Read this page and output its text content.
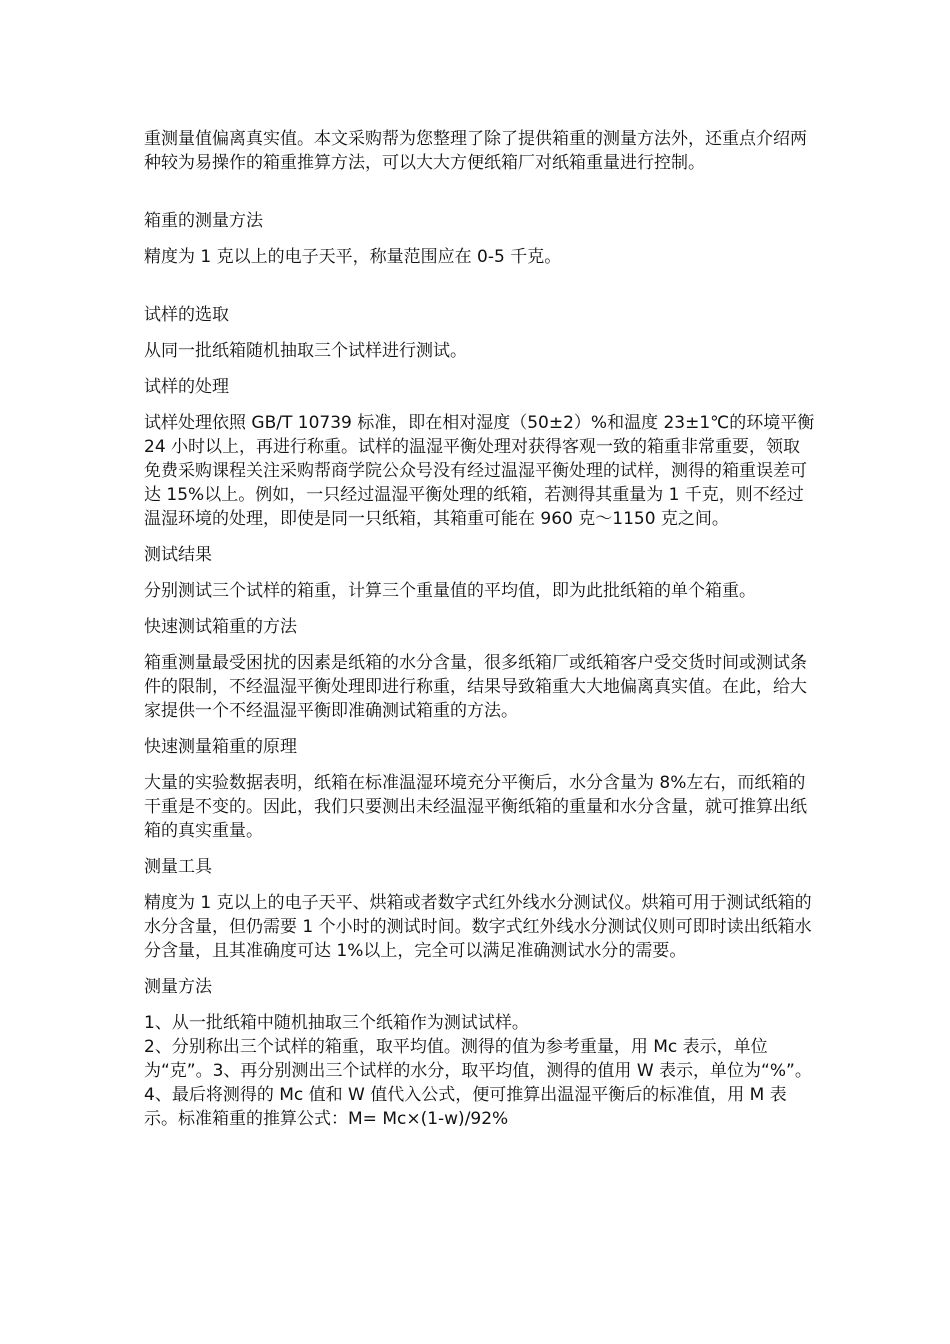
重测量值偏离真实值。本文采购帮为您整理了除了提供箱重的测量方法外，还重点介绍两种较为易操作的箱重推算方法，可以大大方便纸箱厂对纸箱重量进行控制。

箱重的测量方法

精度为 1 克以上的电子天平，称量范围应在 0-5 千克。

试样的选取

从同一批纸箱随机抽取三个试样进行测试。

试样的处理

试样处理依照 GB/T 10739 标准，即在相对湿度（50±2）%和温度 23±1℃的环境平衡 24 小时以上，再进行称重。试样的温湿平衡处理对获得客观一致的箱重非常重要，领取免费采购课程关注采购帮商学院公众号没有经过温湿平衡处理的试样，测得的箱重误差可达 15%以上。例如，一只经过温湿平衡处理的纸箱，若测得其重量为 1 千克，则不经过温湿环境的处理，即使是同一只纸箱，其箱重可能在 960 克～1150 克之间。

测试结果

分别测试三个试样的箱重，计算三个重量值的平均值，即为此批纸箱的单个箱重。

快速测试箱重的方法

箱重测量最受困扰的因素是纸箱的水分含量，很多纸箱厂或纸箱客户受交货时间或测试条件的限制，不经温湿平衡处理即进行称重，结果导致箱重大大地偏离真实值。在此，给大家提供一个不经温湿平衡即准确测试箱重的方法。

快速测量箱重的原理

大量的实验数据表明，纸箱在标准温湿环境充分平衡后，水分含量为 8%左右，而纸箱的干重是不变的。因此，我们只要测出未经温湿平衡纸箱的重量和水分含量，就可推算出纸箱的真实重量。

测量工具

精度为 1 克以上的电子天平、烘箱或者数字式红外线水分测试仪。烘箱可用于测试纸箱的水分含量，但仍需要 1 个小时的测试时间。数字式红外线水分测试仪则可即时读出纸箱水分含量，且其准确度可达 1%以上，完全可以满足准确测试水分的需要。

测量方法

1、从一批纸箱中随机抽取三个纸箱作为测试试样。

2、分别称出三个试样的箱重，取平均值。测得的值为参考重量，用 Mc 表示，单位为“克”。3、再分别测出三个试样的水分，取平均值，测得的值用 W 表示，单位为“%”。4、最后将测得的 Mc 值和 W 值代入公式，便可推算出温湿平衡后的标准值，用 M 表示。标准箱重的推算公式：M= Mc×(1-w)/92%
